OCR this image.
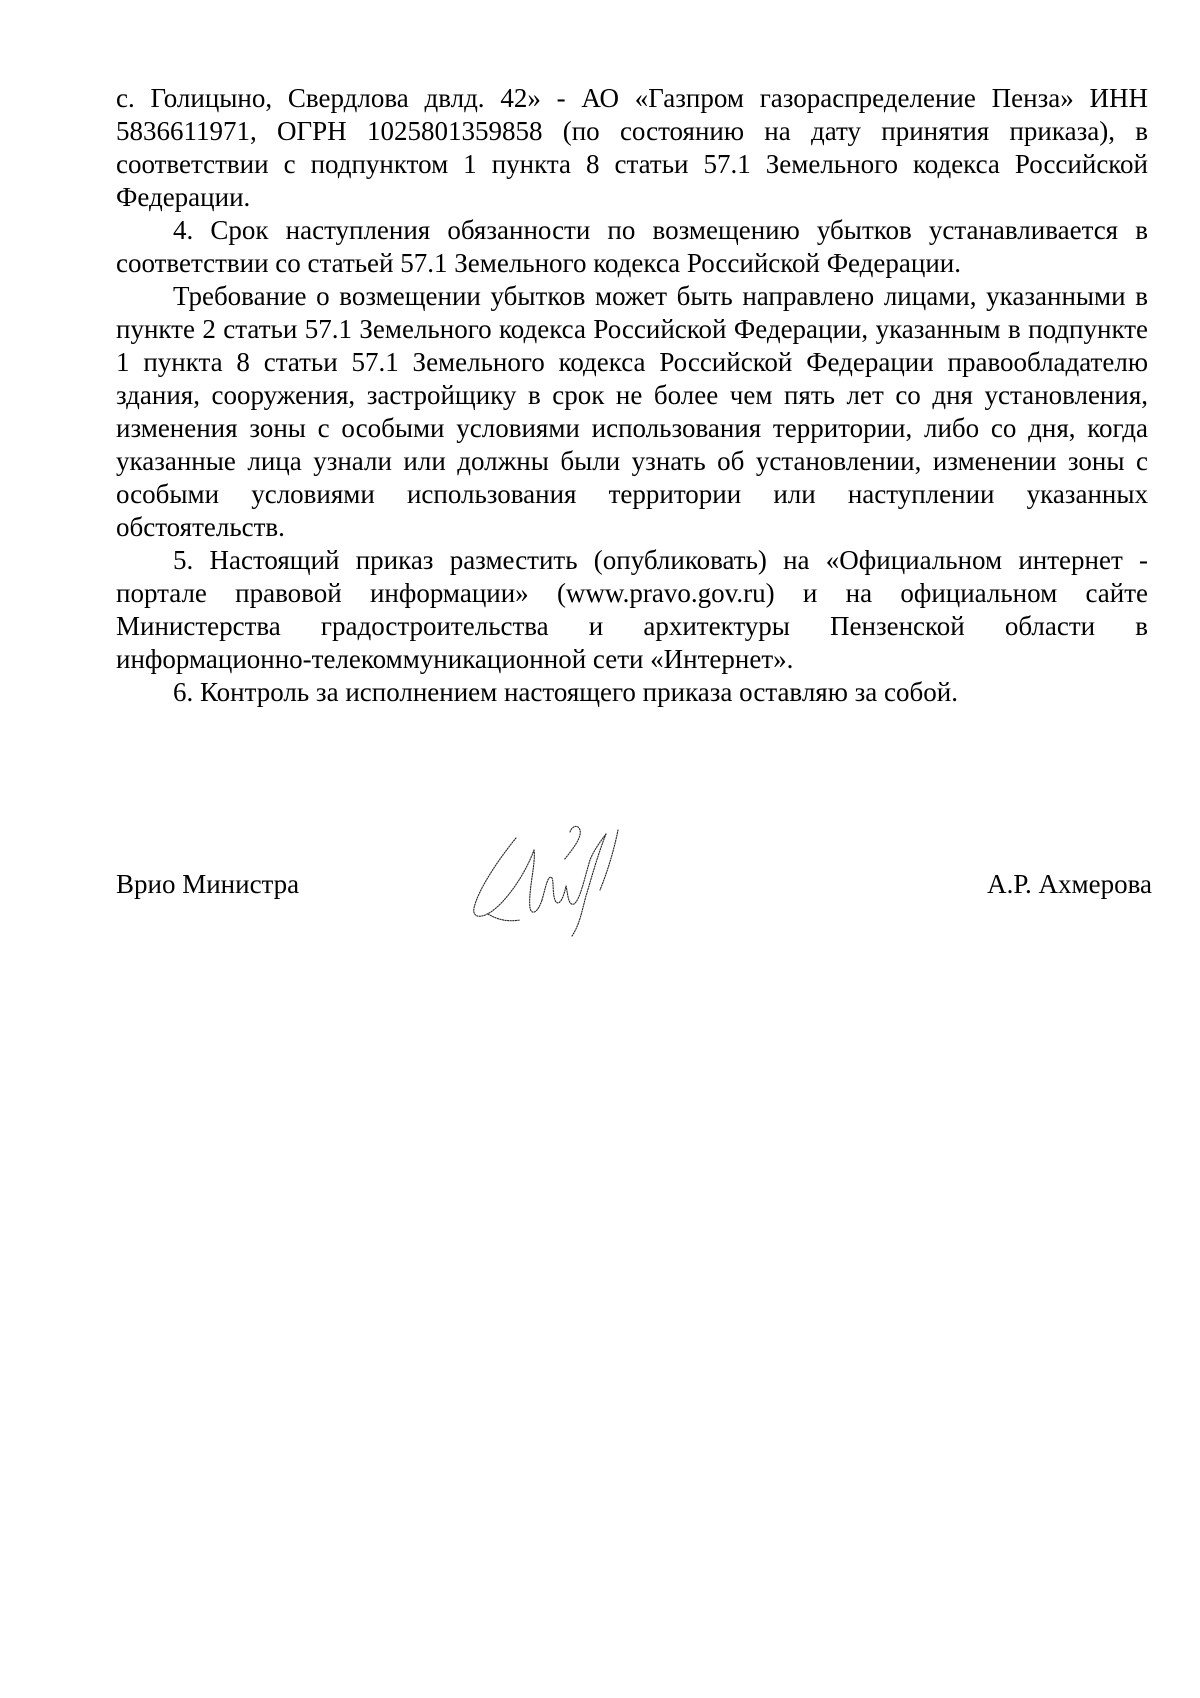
с. Голицыно, Свердлова двлд. 42» - АО «Газпром газораспределение Пенза» ИНН 5836611971, ОГРН 1025801359858 (по состоянию на дату принятия приказа), в соответствии с подпунктом 1 пункта 8 статьи 57.1 Земельного кодекса Российской Федерации.

4. Срок наступления обязанности по возмещению убытков устанавливается в соответствии со статьей 57.1 Земельного кодекса Российской Федерации.

Требование о возмещении убытков может быть направлено лицами, указанными в пункте 2 статьи 57.1 Земельного кодекса Российской Федерации, указанным в подпункте 1 пункта 8 статьи 57.1 Земельного кодекса Российской Федерации правообладателю здания, сооружения, застройщику в срок не более чем пять лет со дня установления, изменения зоны с особыми условиями использования территории, либо со дня, когда указанные лица узнали или должны были узнать об установлении, изменении зоны с особыми условиями использования территории или наступлении указанных обстоятельств.

5. Настоящий приказ разместить (опубликовать) на «Официальном интернет - портале правовой информации» (www.pravo.gov.ru) и на официальном сайте Министерства градостроительства и архитектуры Пензенской области в информационно-телекоммуникационной сети «Интернет».

6. Контроль за исполнением настоящего приказа оставляю за собой.

Врио Министра	А.Р. Ахмерова
